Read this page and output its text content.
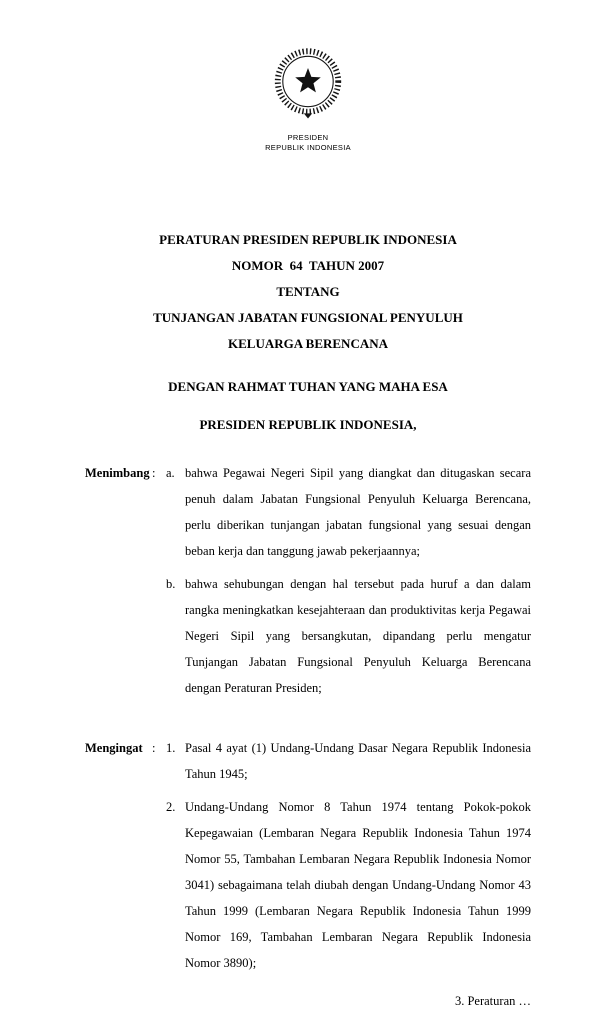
PRESIDEN
REPUBLIK INDONESIA
PERATURAN PRESIDEN REPUBLIK INDONESIA
NOMOR  64  TAHUN 2007
TENTANG
TUNJANGAN JABATAN FUNGSIONAL PENYULUH
KELUARGA BERENCANA
DENGAN RAHMAT TUHAN YANG MAHA ESA
PRESIDEN REPUBLIK INDONESIA,
Menimbang : a. bahwa Pegawai Negeri Sipil yang diangkat dan ditugaskan secara penuh dalam Jabatan Fungsional Penyuluh Keluarga Berencana, perlu diberikan tunjangan jabatan fungsional yang sesuai dengan beban kerja dan tanggung jawab pekerjaannya;
b. bahwa sehubungan dengan hal tersebut pada huruf a dan dalam rangka meningkatkan kesejahteraan dan produktivitas kerja Pegawai Negeri Sipil yang bersangkutan, dipandang perlu mengatur Tunjangan Jabatan Fungsional Penyuluh Keluarga Berencana dengan Peraturan Presiden;
Mengingat : 1. Pasal 4 ayat (1) Undang-Undang Dasar Negara Republik Indonesia Tahun 1945;
2. Undang-Undang Nomor 8 Tahun 1974 tentang Pokok-pokok Kepegawaian (Lembaran Negara Republik Indonesia Tahun 1974 Nomor 55, Tambahan Lembaran Negara Republik Indonesia Nomor 3041) sebagaimana telah diubah dengan Undang-Undang Nomor 43 Tahun 1999 (Lembaran Negara Republik Indonesia Tahun 1999 Nomor 169, Tambahan Lembaran Negara Republik Indonesia Nomor 3890);
3. Peraturan …
